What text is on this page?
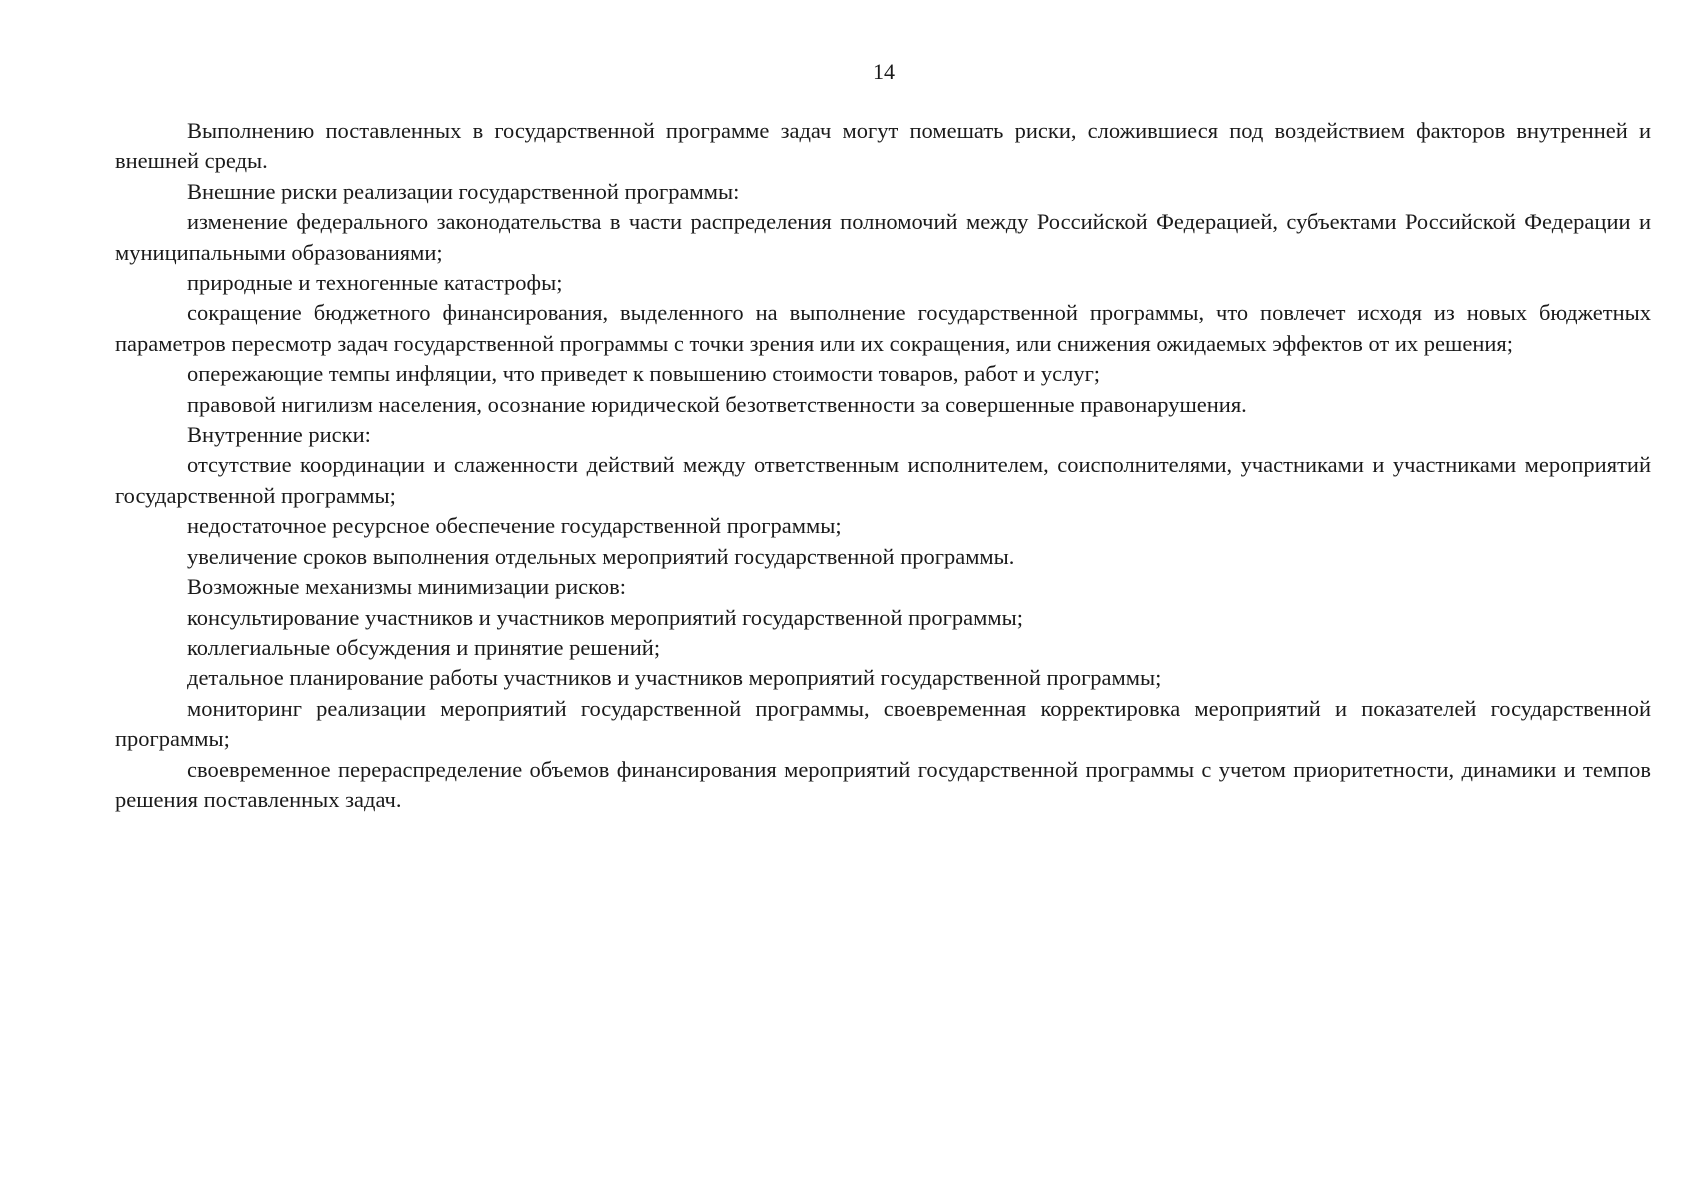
14

Выполнению поставленных в государственной программе задач могут помешать риски, сложившиеся под воздействием факторов внутренней и внешней среды.

Внешние риски реализации государственной программы:

изменение федерального законодательства в части распределения полномочий между Российской Федерацией, субъектами Российской Федерации и муниципальными образованиями;

природные и техногенные катастрофы;

сокращение бюджетного финансирования, выделенного на выполнение государственной программы, что повлечет исходя из новых бюджетных параметров пересмотр задач государственной программы с точки зрения или их сокращения, или снижения ожидаемых эффектов от их решения;

опережающие темпы инфляции, что приведет к повышению стоимости товаров, работ и услуг;

правовой нигилизм населения, осознание юридической безответственности за совершенные правонарушения.

Внутренние риски:

отсутствие координации и слаженности действий между ответственным исполнителем, соисполнителями, участниками и участниками мероприятий государственной программы;

недостаточное ресурсное обеспечение государственной программы;

увеличение сроков выполнения отдельных мероприятий государственной программы.

Возможные механизмы минимизации рисков:

консультирование участников и участников мероприятий государственной программы;

коллегиальные обсуждения и принятие решений;

детальное планирование работы участников и участников мероприятий государственной программы;

мониторинг реализации мероприятий государственной программы, своевременная корректировка мероприятий и показателей государственной программы;

своевременное перераспределение объемов финансирования мероприятий государственной программы с учетом приоритетности, динамики и темпов решения поставленных задач.
